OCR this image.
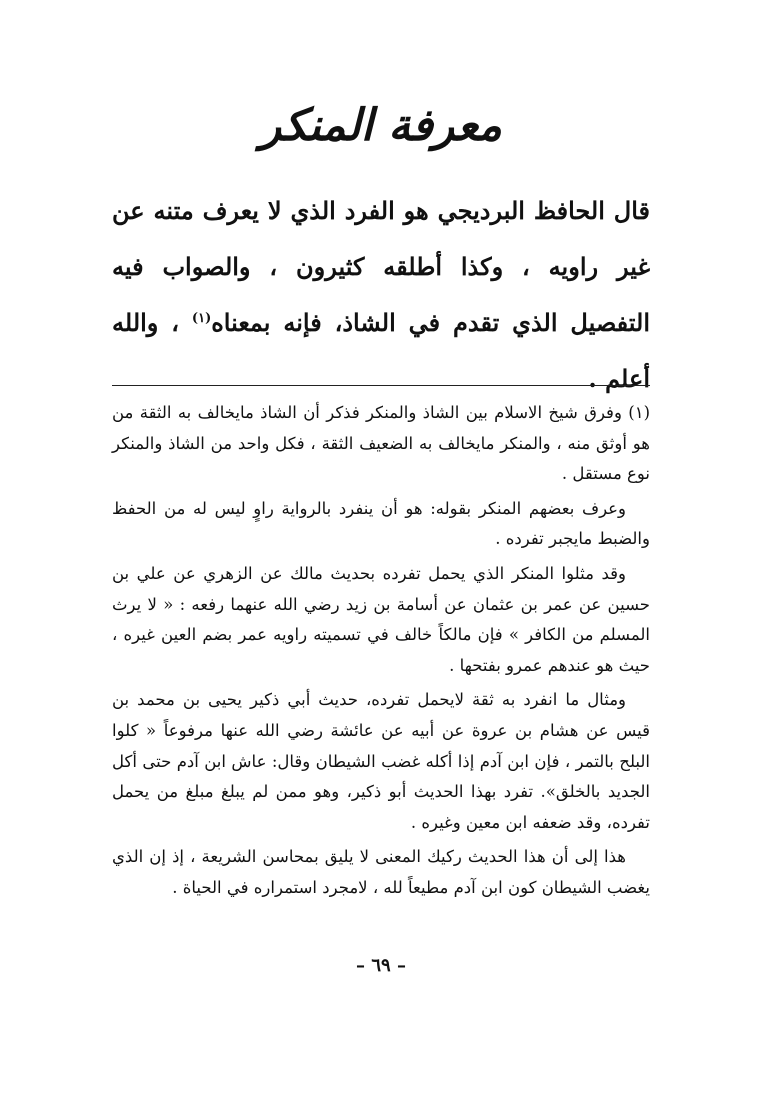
معرفة المنكر

قال الحافظ البرديجي هو الفرد الذي لا يعرف متنه عن غير راويه ، وكذا أطلقه كثيرون ، والصواب فيه التفصيل الذي تقدم في الشاذ، فإنه بمعناه$^{(١)}$ ، والله أعلم .

(١) وفرق شيخ الاسلام بين الشاذ والمنكر فذكر أن الشاذ مايخالف به الثقة من هو أوثق منه ، والمنكر مايخالف به الضعيف الثقة ، فكل واحد من الشاذ والمنكر نوع مستقل .

وعرف بعضهم المنكر بقوله: هو أن ينفرد بالرواية راوٍ ليس له من الحفظ والضبط مايجبر تفرده .

وقد مثلوا المنكر الذي يحمل تفرده بحديث مالك عن الزهري عن علي بن حسين عن عمر بن عثمان عن أسامة بن زيد رضي الله عنهما رفعه : « لا يرث المسلم من الكافر » فإن مالكاً خالف في تسميته راويه عمر بضم العين غيره ، حيث هو عندهم عمرو بفتحها .

ومثال ما انفرد به ثقة لايحمل تفرده، حديث أبي ذكير يحيى بن محمد بن قيس عن هشام بن عروة عن أبيه عن عائشة رضي الله عنها مرفوعاً « كلوا البلح بالتمر ، فإن ابن آدم إذا أكله غضب الشيطان وقال: عاش ابن آدم حتى أكل الجديد بالخلق». تفرد بهذا الحديث أبو ذكير، وهو ممن لم يبلغ مبلغ من يحمل تفرده، وقد ضعفه ابن معين وغيره .

هذا إلى أن هذا الحديث ركيك المعنى لا يليق بمحاسن الشريعة ، إذ إن الذي يغضب الشيطان كون ابن آدم مطيعاً لله ، لامجرد استمراره في الحياة .

– ٦٩ –
